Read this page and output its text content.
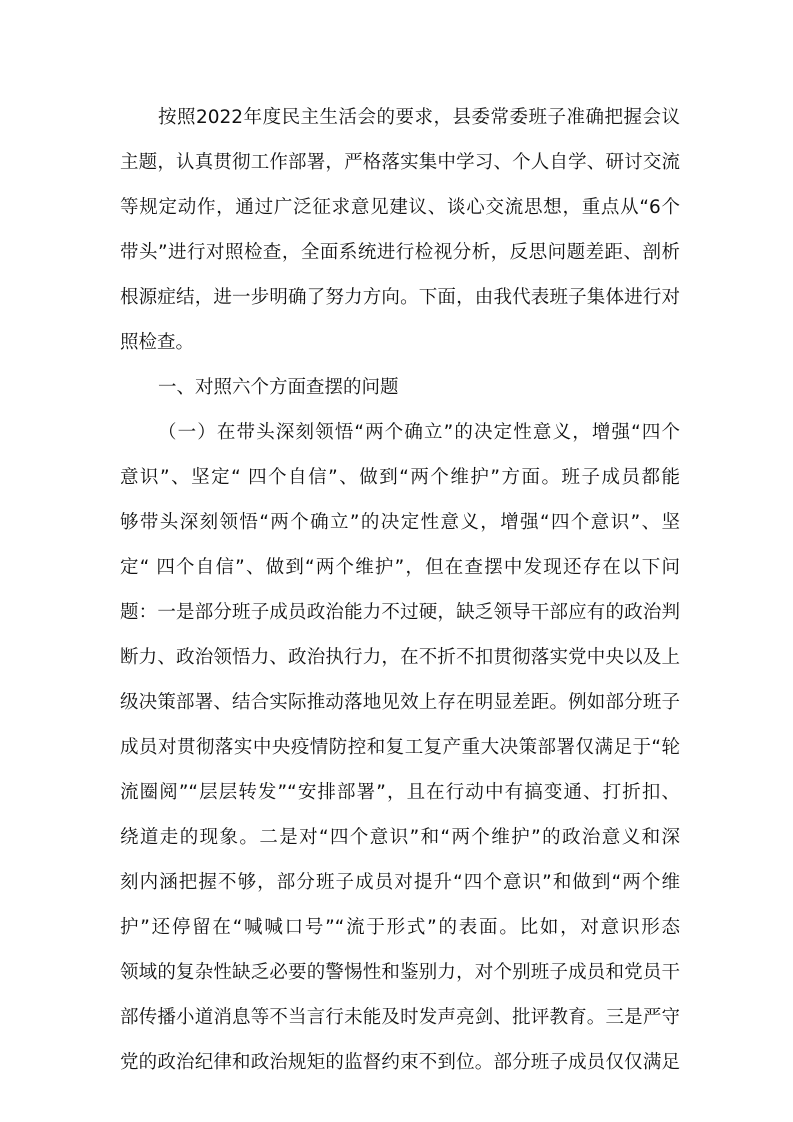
按照2022年度民主生活会的要求，县委常委班子准确把握会议
主题，认真贯彻工作部署，严格落实集中学习、个人自学、研讨交流
等规定动作，通过广泛征求意见建议、谈心交流思想，重点从“6个
带头”进行对照检查，全面系统进行检视分析，反思问题差距、剖析
根源症结，进一步明确了努力方向。下面，由我代表班子集体进行对
照检查。
一、对照六个方面查摆的问题
（一）在带头深刻领悟“两个确立”的决定性意义，增强“四个
意识”、坚定“ 四个自信”、做到“两个维护”方面。班子成员都能
够带头深刻领悟“两个确立”的决定性意义，增强“四个意识”、坚
定“ 四个自信”、做到“两个维护”，但在查摆中发现还存在以下问
题：一是部分班子成员政治能力不过硬，缺乏领导干部应有的政治判
断力、政治领悟力、政治执行力，在不折不扣贯彻落实党中央以及上
级决策部署、结合实际推动落地见效上存在明显差距。例如部分班子
成员对贯彻落实中央疫情防控和复工复产重大决策部署仅满足于“轮
流圈阅”“层层转发”“安排部署”，且在行动中有搞变通、打折扣、
绕道走的现象。二是对“四个意识”和“两个维护”的政治意义和深
刻内涵把握不够，部分班子成员对提升“四个意识”和做到“两个维
护”还停留在“喊喊口号”“流于形式”的表面。比如，对意识形态
领域的复杂性缺乏必要的警惕性和鉴别力，对个别班子成员和党员干
部传播小道消息等不当言行未能及时发声亮剑、批评教育。三是严守
党的政治纪律和政治规矩的监督约束不到位。部分班子成员仅仅满足
